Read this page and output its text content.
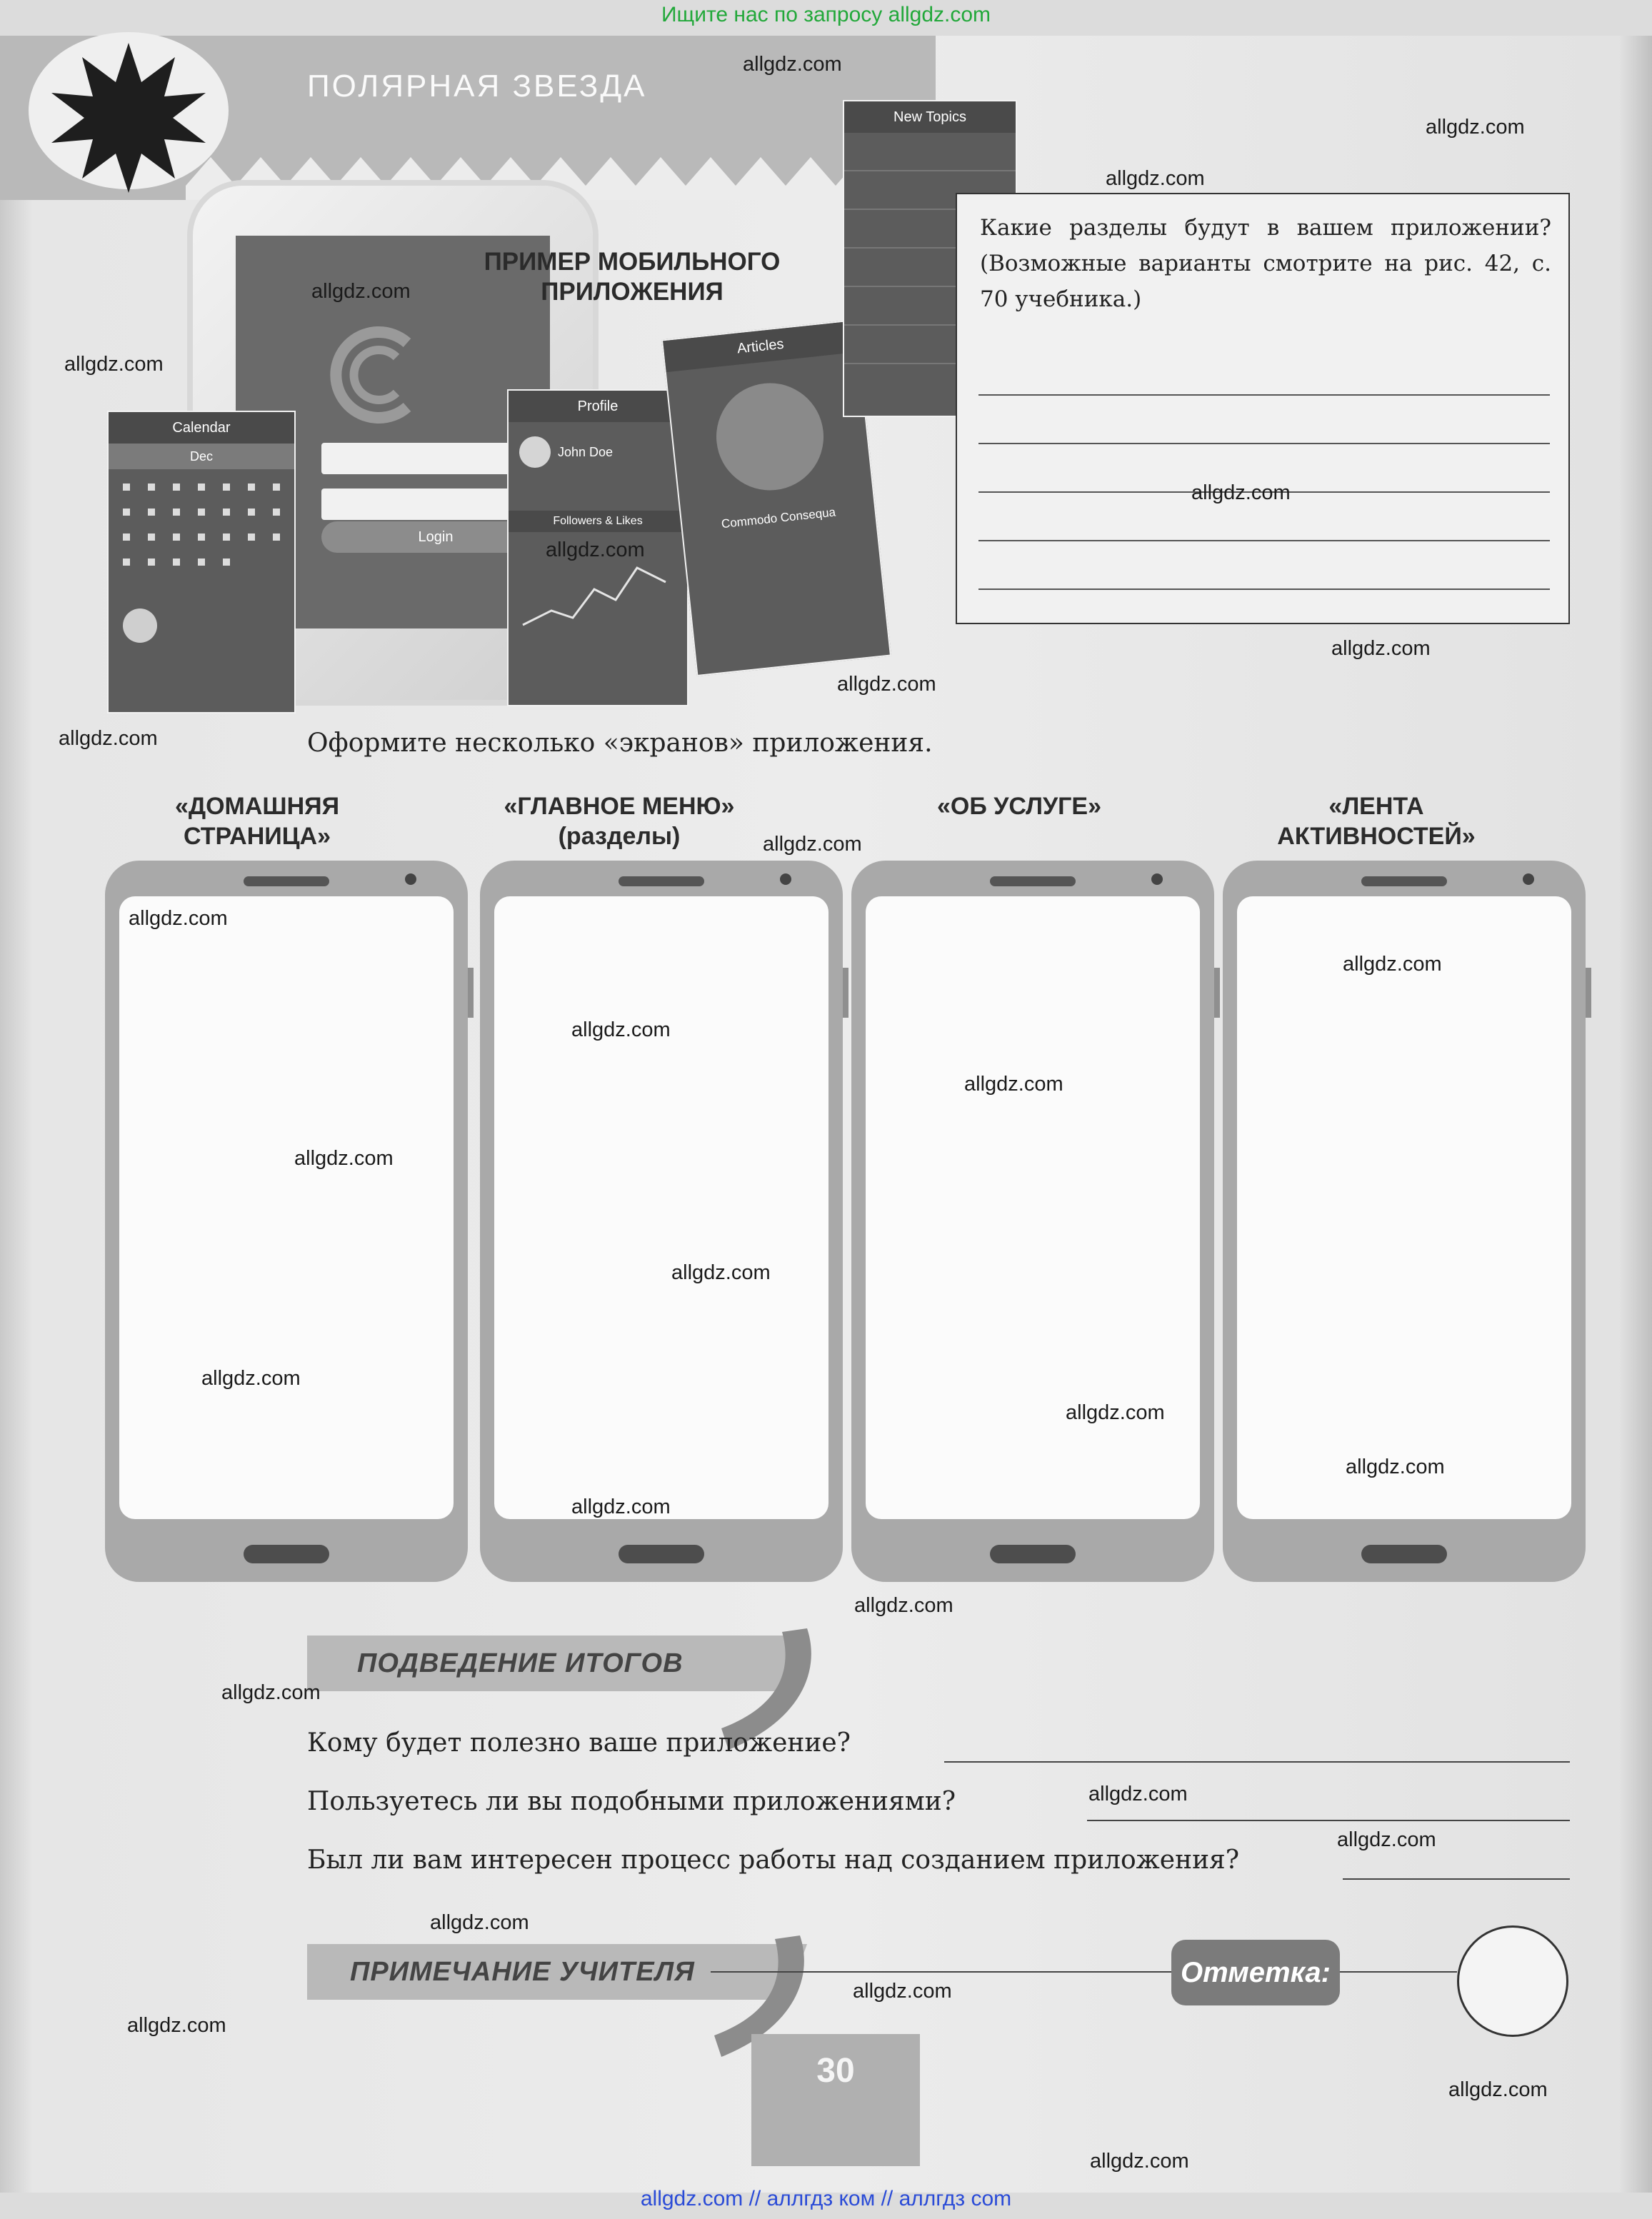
Ищите нас по запросу allgdz.com
ПОЛЯРНАЯ ЗВЕЗДА
Login
Calendar
Dec
Profile
John Doe
Followers & Likes
Articles
Commodo Consequa
New Topics
ПРИМЕР МОБИЛЬНОГО ПРИЛОЖЕНИЯ
Какие разделы будут в вашем приложении? (Возможные варианты смотрите на рис. 42, с. 70 учебника.)
Оформите несколько «экранов» приложения.
«ДОМАШНЯЯ СТРАНИЦА»
«ГЛАВНОЕ МЕНЮ» (разделы)
«ОБ УСЛУГЕ»	«ЛЕНТА АКТИВНОСТЕЙ»
ПОДВЕДЕНИЕ ИТОГОВ
Кому будет полезно ваше приложение?
Пользуетесь ли вы подобными приложениями?
Был ли вам интересен процесс работы над созданием приложения?
ПРИМЕЧАНИЕ УЧИТЕЛЯ	Отметка:
30
allgdz.com
allgdz.com
allgdz.com
allgdz.com
allgdz.com
allgdz.com
allgdz.com
allgdz.com
allgdz.com
allgdz.com
allgdz.com
allgdz.com
allgdz.com
allgdz.com
allgdz.com
allgdz.com
allgdz.com
allgdz.com
allgdz.com
allgdz.com
allgdz.com
allgdz.com
allgdz.com
allgdz.com
allgdz.com
allgdz.com
allgdz.com
allgdz.com
allgdz.com
allgdz.com
allgdz.com // аллгдз ком // аллгдз com
